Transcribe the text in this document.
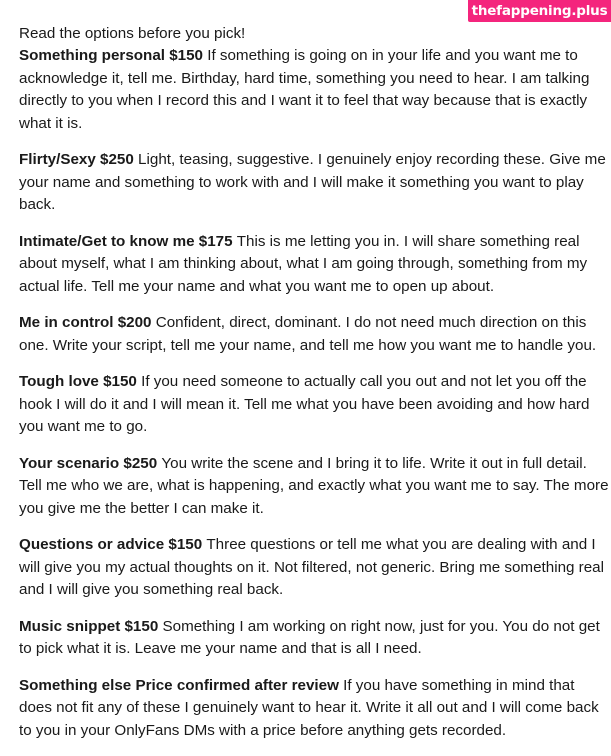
thefappening.plus

Read the options before you pick!

Something personal $150 If something is going on in your life and you want me to acknowledge it, tell me. Birthday, hard time, something you need to hear. I am talking directly to you when I record this and I want it to feel that way because that is exactly what it is.

Flirty/Sexy $250 Light, teasing, suggestive. I genuinely enjoy recording these. Give me your name and something to work with and I will make it something you want to play back.

Intimate/Get to know me $175 This is me letting you in. I will share something real about myself, what I am thinking about, what I am going through, something from my actual life. Tell me your name and what you want me to open up about.

Me in control $200 Confident, direct, dominant. I do not need much direction on this one. Write your script, tell me your name, and tell me how you want me to handle you.

Tough love $150 If you need someone to actually call you out and not let you off the hook I will do it and I will mean it. Tell me what you have been avoiding and how hard you want me to go.

Your scenario $250 You write the scene and I bring it to life. Write it out in full detail. Tell me who we are, what is happening, and exactly what you want me to say. The more you give me the better I can make it.

Questions or advice $150 Three questions or tell me what you are dealing with and I will give you my actual thoughts on it. Not filtered, not generic. Bring me something real and I will give you something real back.

Music snippet $150 Something I am working on right now, just for you. You do not get to pick what it is. Leave me your name and that is all I need.

Something else Price confirmed after review If you have something in mind that does not fit any of these I genuinely want to hear it. Write it all out and I will come back to you in your OnlyFans DMs with a price before anything gets recorded.
